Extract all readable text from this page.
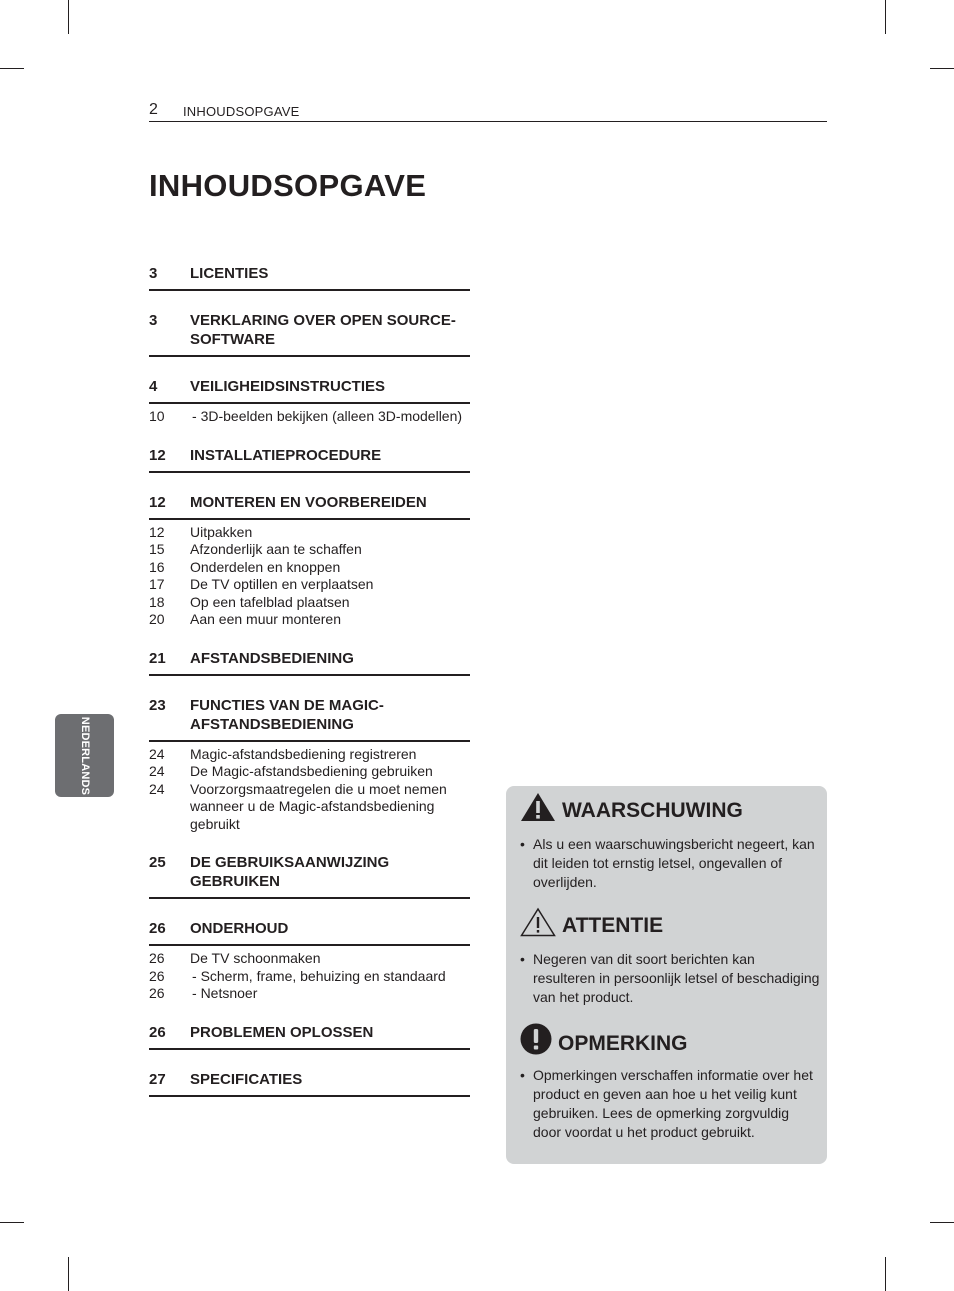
2 INHOUDSOPGAVE
INHOUDSOPGAVE
NEDERLANDS
3	LICENTIES
3	VERKLARING OVER OPEN SOURCE-SOFTWARE
4	VEILIGHEIDSINSTRUCTIES
10	- 3D-beelden bekijken (alleen 3D-modellen)
12	INSTALLATIEPROCEDURE
12	MONTEREN EN VOORBEREIDEN
12	Uitpakken
15	Afzonderlijk aan te schaffen
16	Onderdelen en knoppen
17	De TV optillen en verplaatsen
18	Op een tafelblad plaatsen
20	Aan een muur monteren
21	AFSTANDSBEDIENING
23	FUNCTIES VAN DE MAGIC-AFSTANDSBEDIENING
24	Magic-afstandsbediening registreren
24	De Magic-afstandsbediening gebruiken
24	Voorzorgsmaatregelen die u moet nemen wanneer u de Magic-afstandsbediening gebruikt
25	DE GEBRUIKSAANWIJZING GEBRUIKEN
26	ONDERHOUD
26	De TV schoonmaken
26	- Scherm, frame, behuizing en standaard
26	- Netsnoer
26	PROBLEMEN OPLOSSEN
27	SPECIFICATIES
WAARSCHUWING
• Als u een waarschuwingsbericht negeert, kan dit leiden tot ernstig letsel, ongevallen of overlijden.
ATTENTIE
• Negeren van dit soort berichten kan resulteren in persoonlijk letsel of beschadiging van het product.
OPMERKING
• Opmerkingen verschaffen informatie over het product en geven aan hoe u het veilig kunt gebruiken. Lees de opmerking zorgvuldig door voordat u het product gebruikt.
